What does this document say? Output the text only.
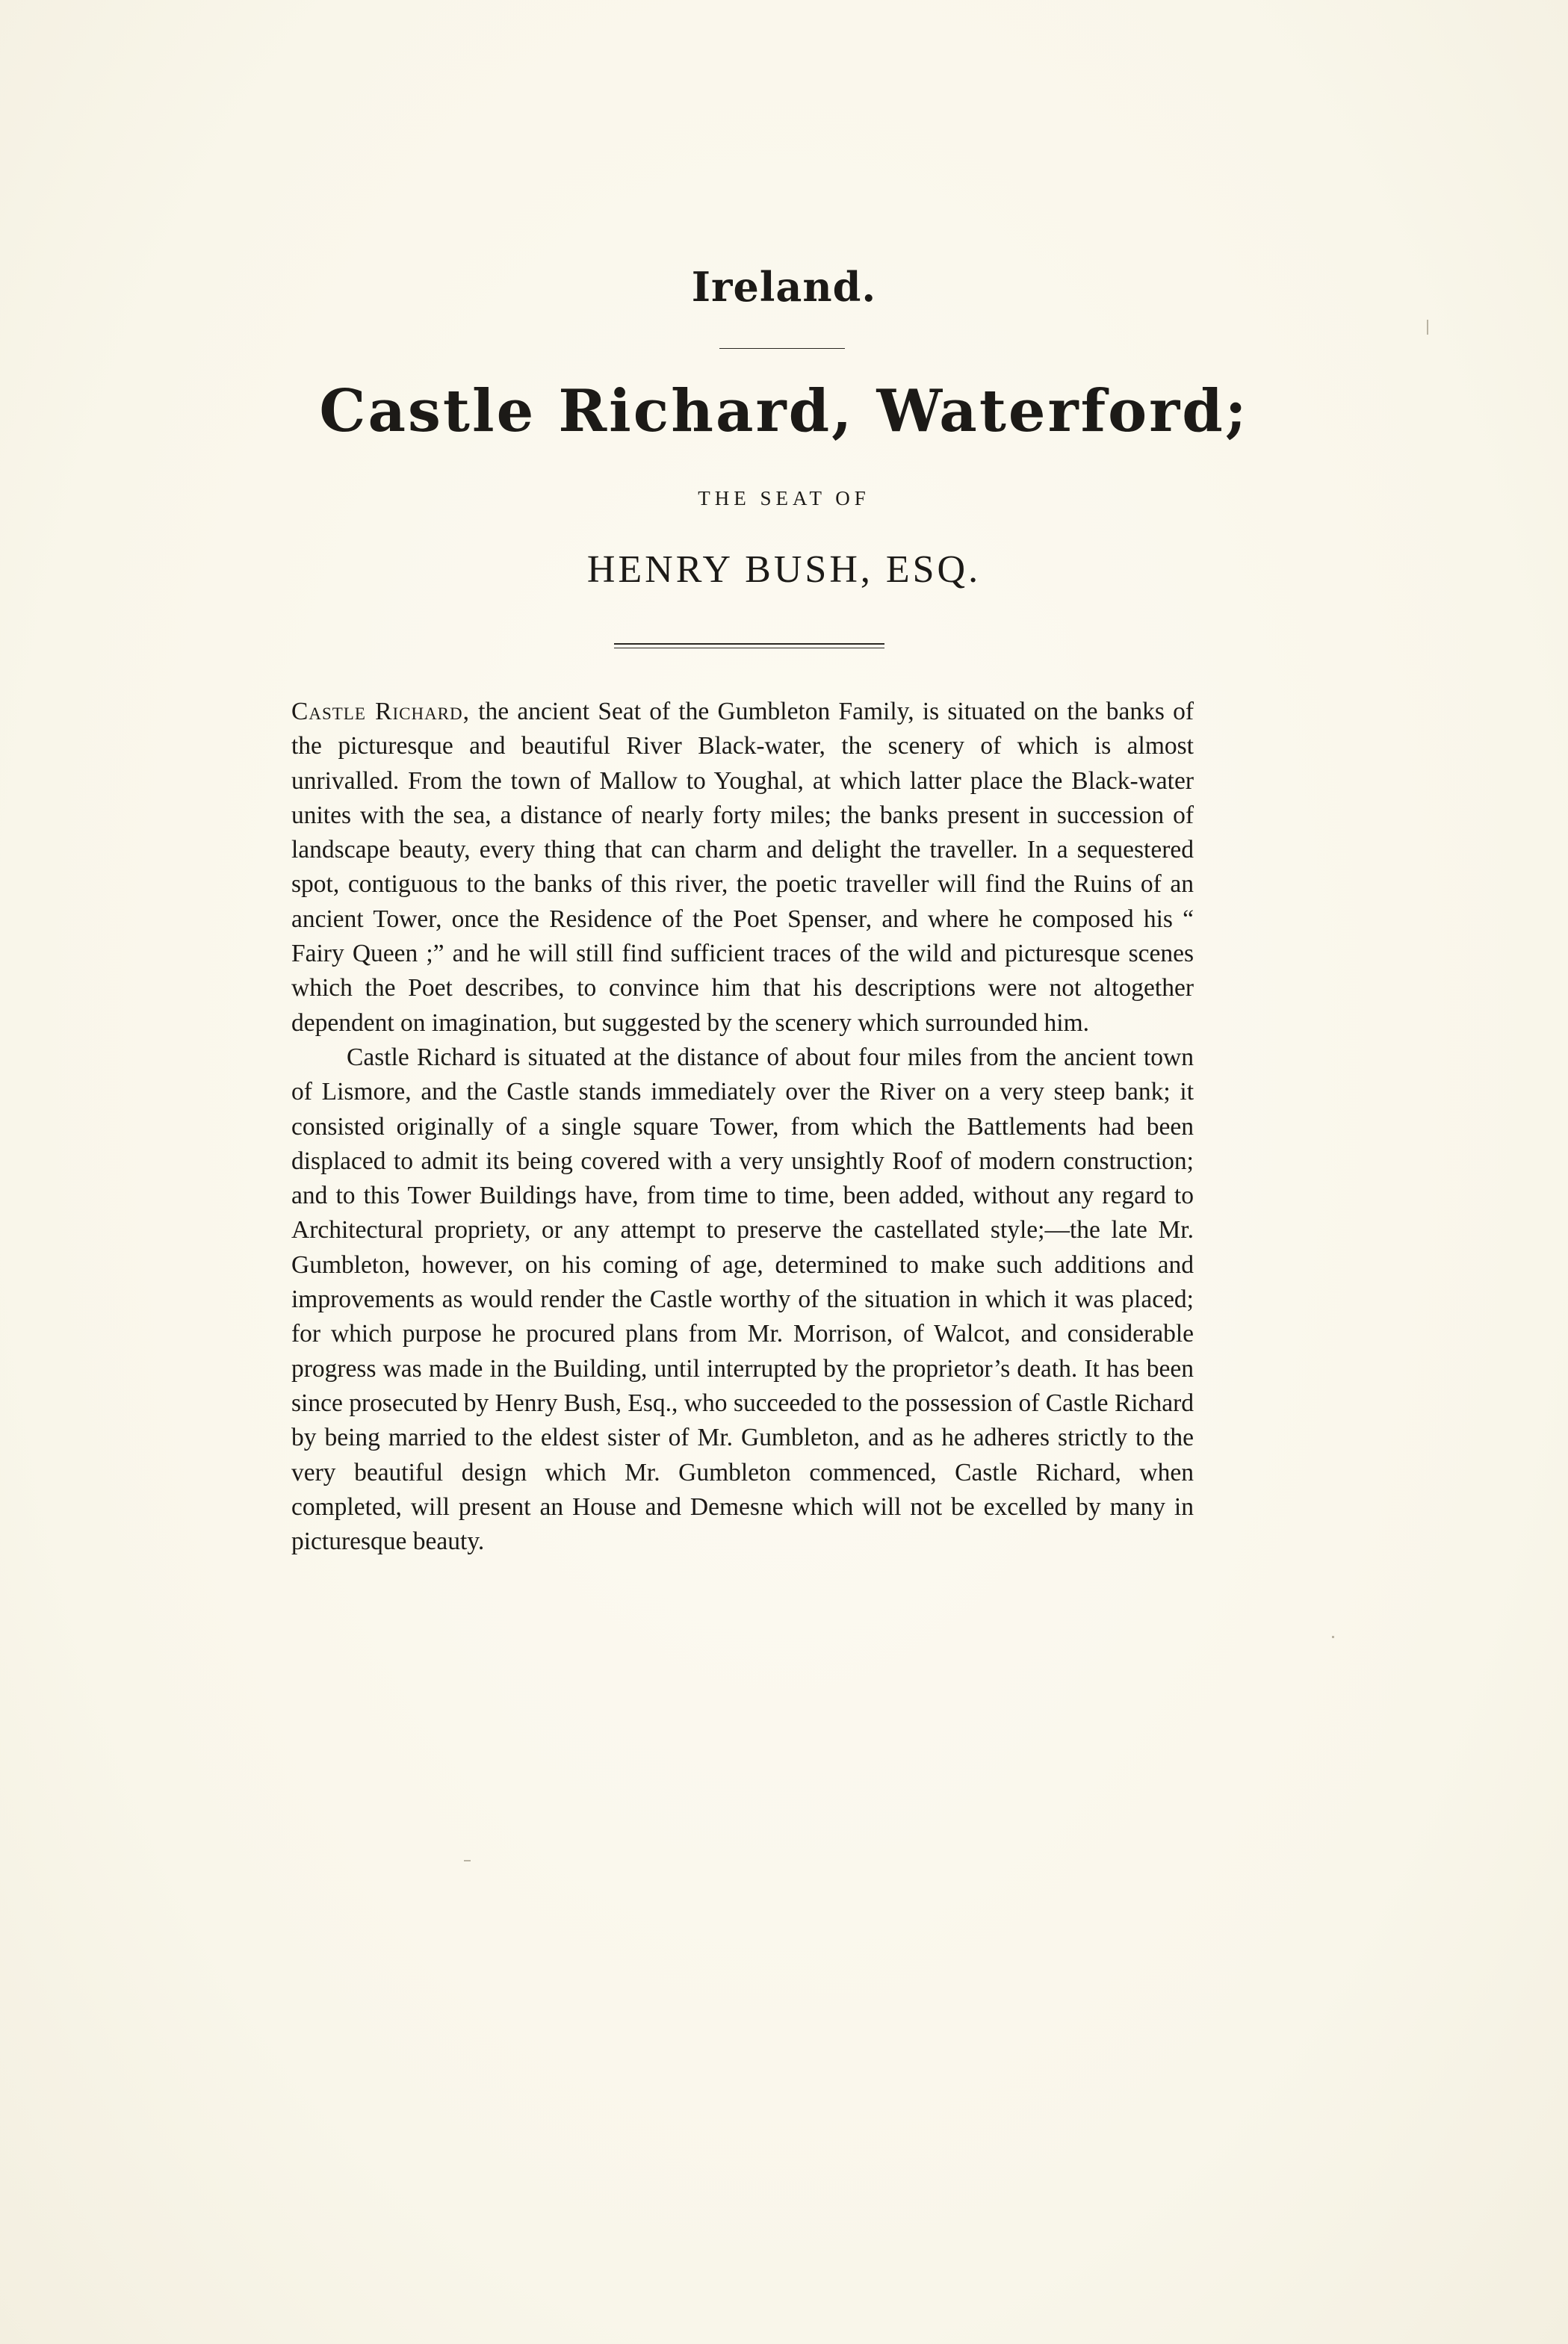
Ireland.
Castle Richard, Waterford;
THE SEAT OF
HENRY BUSH, ESQ.

Castle Richard, the ancient Seat of the Gumbleton Family, is situated on the banks of the picturesque and beautiful River Black-water, the scenery of which is almost unrivalled. From the town of Mallow to Youghal, at which latter place the Black-water unites with the sea, a distance of nearly forty miles; the banks present in succession of landscape beauty, every thing that can charm and delight the traveller. In a sequestered spot, contiguous to the banks of this river, the poetic traveller will find the Ruins of an ancient Tower, once the Residence of the Poet Spenser, and where he composed his “ Fairy Queen ;” and he will still find sufficient traces of the wild and picturesque scenes which the Poet describes, to convince him that his descriptions were not altogether dependent on imagination, but suggested by the scenery which surrounded him.

Castle Richard is situated at the distance of about four miles from the ancient town of Lismore, and the Castle stands immediately over the River on a very steep bank; it consisted originally of a single square Tower, from which the Battlements had been displaced to admit its being covered with a very unsightly Roof of modern construction; and to this Tower Buildings have, from time to time, been added, without any regard to Architectural propriety, or any attempt to preserve the castellated style;—the late Mr. Gumbleton, however, on his coming of age, determined to make such additions and improvements as would render the Castle worthy of the situation in which it was placed; for which purpose he procured plans from Mr. Morrison, of Walcot, and considerable progress was made in the Building, until interrupted by the proprietor’s death. It has been since prosecuted by Henry Bush, Esq., who succeeded to the possession of Castle Richard by being married to the eldest sister of Mr. Gumbleton, and as he adheres strictly to the very beautiful design which Mr. Gumbleton commenced, Castle Richard, when completed, will present an House and Demesne which will not be excelled by many in picturesque beauty.
